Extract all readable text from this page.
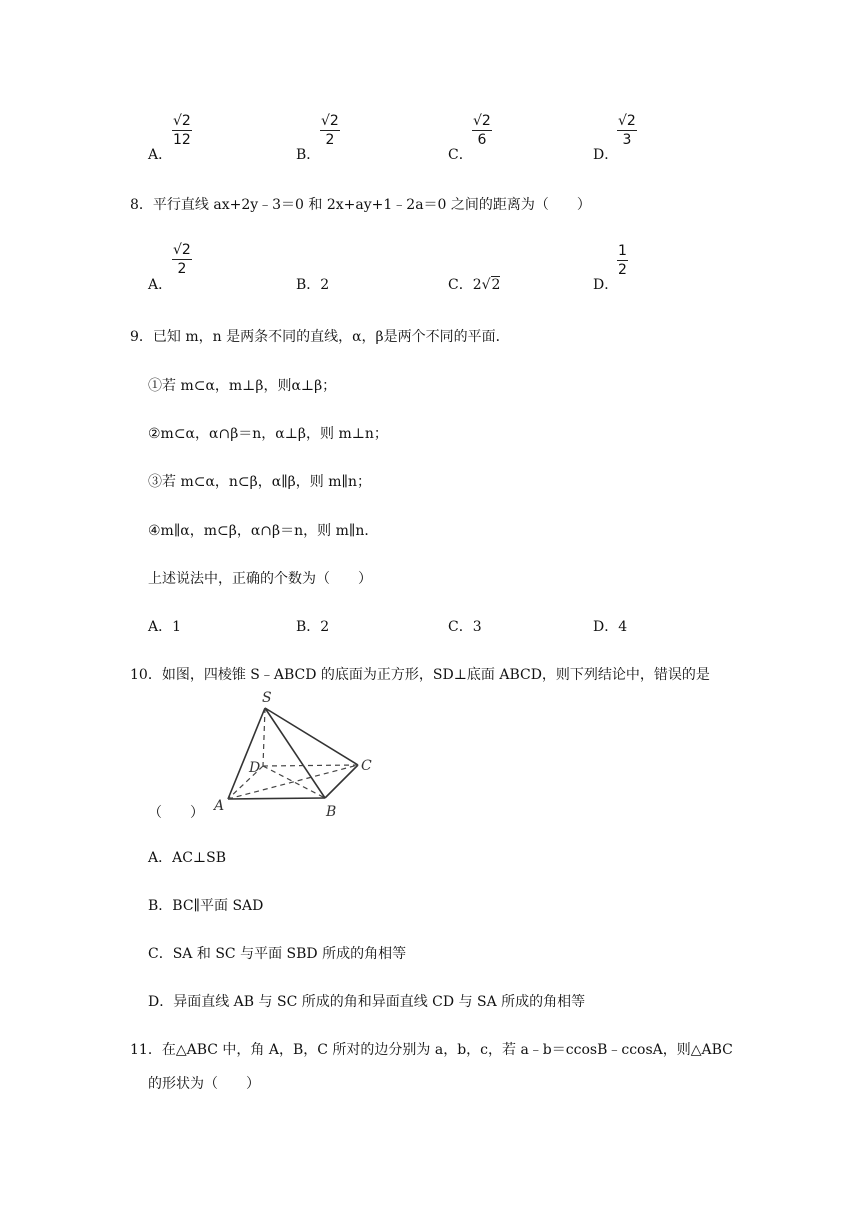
A．
√2
12
B．
√2
2
C．
√2
6
D．
√2
3
8．平行直线 ax+2y﹣3＝0 和 2x+ay+1﹣2a＝0 之间的距离为（　　）
A．
√2
2
B．2	C．2√2	D．
1
2
9．已知 m，n 是两条不同的直线，α，β是两个不同的平面．
①若 m⊂α，m⊥β，则α⊥β；
②m⊂α，α∩β＝n，α⊥β，则 m⊥n；
③若 m⊂α，n⊂β，α∥β，则 m∥n；
④m∥α，m⊂β，α∩β＝n，则 m∥n．
上述说法中，正确的个数为（　　）
A．1	B．2	C．3	D．4
10．如图，四棱锥 S﹣ABCD 的底面为正方形，SD⊥底面 ABCD，则下列结论中，错误的是
S
D	C
A	B
（　　）
A．AC⊥SB
B．BC∥平面 SAD
C．SA 和 SC 与平面 SBD 所成的角相等
D．异面直线 AB 与 SC 所成的角和异面直线 CD 与 SA 所成的角相等
11．在△ABC 中，角 A，B，C 所对的边分别为 a，b，c，若 a﹣b＝ccosB﹣ccosA，则△ABC
的形状为（　　）
